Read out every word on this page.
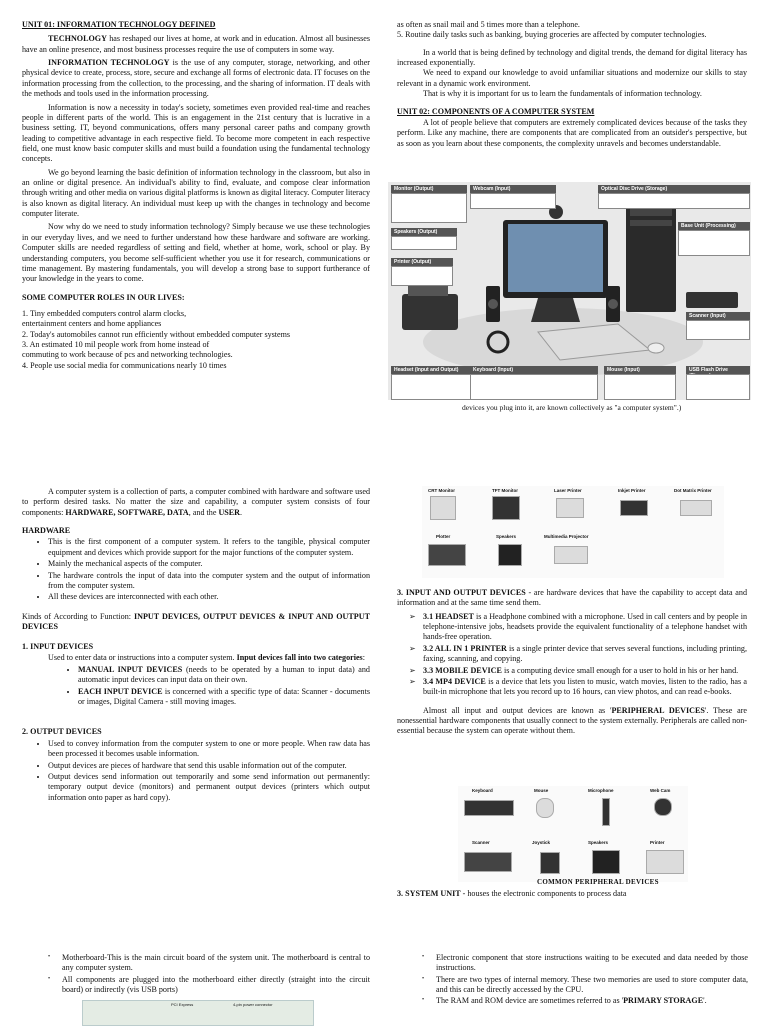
UNIT 01: INFORMATION TECHNOLOGY DEFINED

TECHNOLOGY has reshaped our lives at home, at work and in education. Almost all businesses have an online presence, and most business processes require the use of computers in some way.

INFORMATION TECHNOLOGY is the use of any computer, storage, networking, and other physical device to create, process, store, secure and exchange all forms of electronic data. IT focuses on the information processing from the collection, to the processing, and the sharing of information. IT deals with the methods and tools used in the information processing.

Information is now a necessity in today's society, sometimes even provided real-time and reaches people in different parts of the world. This is an engagement in the 21st century that is lucrative in a business setting. IT, beyond communications, offers many personal career paths and company growth leading to competitive advantage in each respective field. To become more competent in each respective field, one must know basic computer skills and must build a foundation using the fundamental technology concepts.

We go beyond learning the basic definition of information technology in the classroom, but also in an online or digital presence. An individual's ability to find, evaluate, and compose clear information through writing and other media on various digital platforms is known as digital literacy. Computer literacy is also known as digital literacy. An individual must keep up with the changes in technology and become computer literate.

Now why do we need to study information technology? Simply because we use these technologies in our everyday lives, and we need to further understand how these hardware and software are working. Computer skills are needed regardless of setting and field, whether at home, work, school or play. By understanding computers, you become self-sufficient whether you use it for research, communications or time management. By mastering fundamentals, you will develop a strong base to support furtherance of your knowledge in the years to come.

SOME COMPUTER ROLES IN OUR LIVES:

1. Tiny embedded computers control alarm clocks,
entertainment centers and home appliances
2. Today's automobiles cannot run efficiently without embedded computer systems
3. An estimated 10 mil people work from home instead of
commuting to work because of pcs and networking technologies.
4. People use social media for communications nearly 10 times
as often as snail mail and 5 times more than a telephone.
5. Routine daily tasks such as banking, buying groceries are affected by computer technologies.

In a world that is being defined by technology and digital trends, the demand for digital literacy has increased exponentially.

We need to expand our knowledge to avoid unfamiliar situations and modernize our skills to stay relevant in a dynamic work environment.

That is why it is important for us to learn the fundamentals of information technology.

UNIT 02: COMPONENTS OF A COMPUTER SYSTEM

A lot of people believe that computers are extremely complicated devices because of the tasks they perform. Like any machine, there are components that are complicated from an outsider's perspective, but as soon as you learn about these components, the complexity unravels and becomes understandable.

Monitor (Output)	Webcam (Input)	Optical Disc Drive (Storage)
Base Unit (Processing)
Speakers (Output)
Printer (Output)
Scanner (Input)
Headset (Input and Output)	Keyboard (Input)	Mouse (Input)	USB Flash Drive
devices you plug into it, are known collectively as "a computer system".)

A computer system is a collection of parts, a computer combined with hardware and software used to perform desired tasks. No matter the size and capability, a computer system consists of four components: HARDWARE, SOFTWARE, DATA, and the USER.

HARDWARE

• This is the first component of a computer system. It refers to the tangible, physical computer equipment and devices which provide support for the major functions of the computer system.
• Mainly the mechanical aspects of the computer.
• The hardware controls the input of data into the computer system and the output of information from the computer system.
• All these devices are interconnected with each other.

Kinds of According to Function: INPUT DEVICES, OUTPUT DEVICES & INPUT AND OUTPUT DEVICES

1. INPUT DEVICES

Used to enter data or instructions into a computer system. Input devices fall into two categories:

• MANUAL INPUT DEVICES (needs to be operated by a human to input data) and automatic input devices can input data on their own.
• EACH INPUT DEVICE is concerned with a specific type of data: Scanner - documents or images, Digital Camera - still moving images.

2. OUTPUT DEVICES

• Used to convey information from the computer system to one or more people. When raw data has been processed it becomes usable information.
• Output devices are pieces of hardware that send this usable information out of the computer.
• Output devices send information out temporarily and some send information out permanently: temporary output device (monitors) and permanent output devices (printers which output information onto paper as hard copy).
CRT Monitor	TFT Monitor	Laser Printer	Inkjet Printer	Dot Matrix Printer
Plotter	Speakers	Multimedia Projector

3. INPUT AND OUTPUT DEVICES - are hardware devices that have the capability to accept data and information and at the same time send them.

➢ 3.1 HEADSET is a Headphone combined with a microphone. Used in call centers and by people in telephone-intensive jobs, headsets provide the equivalent functionality of a telephone handset with hands-free operation.
➢ 3.2 ALL IN 1 PRINTER is a single printer device that serves several functions, including printing, faxing, scanning, and copying.
➢ 3.3 MOBILE DEVICE is a computing device small enough for a user to hold in his or her hand.
➢ 3.4 MP4 DEVICE is a device that lets you listen to music, watch movies, listen to the radio, has a built-in microphone that lets you record up to 16 hours, can view photos, and can read e-books.

Almost all input and output devices are known as 'PERIPHERAL DEVICES'. These are nonessential hardware components that usually connect to the system externally. Peripherals are called non-essential because the system can operate without them.

Keyboard	Mouse	Microphone	Web Cam
Scanner	Joystick	Speakers	Printer
COMMON PERIPHERAL DEVICES
3. SYSTEM UNIT - houses the electronic components to process data
• Motherboard-This is the main circuit board of the system unit. The motherboard is central to any computer system.
• All components are plugged into the motherboard either directly (straight into the circuit board) or indirectly (vis USB ports)
PCI Express	4-pin power connector
• Electronic component that store instructions waiting to be executed and data needed by those instructions.
• There are two types of internal memory. These two memories are used to store computer data, and this can be directly accessed by the CPU.
• The RAM and ROM device are sometimes referred to as 'PRIMARY STORAGE'.
